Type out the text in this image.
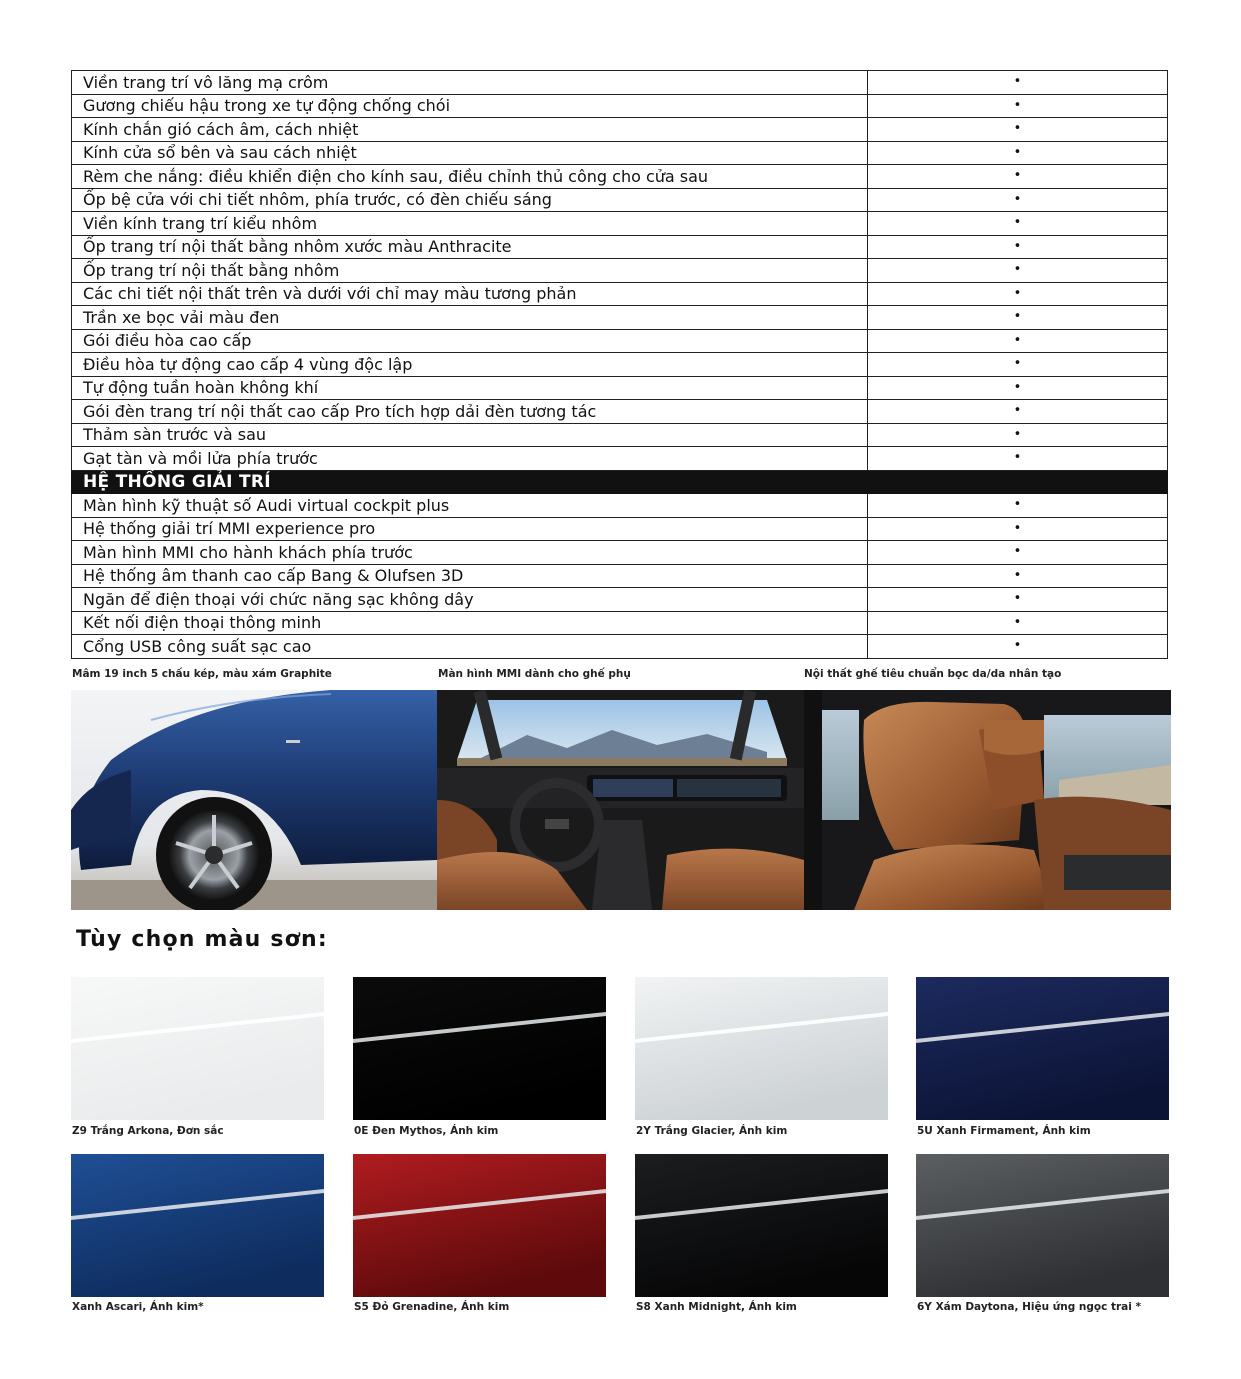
Viền trang trí vô lăng mạ crôm	•
Gương chiếu hậu trong xe tự động chống chói	•
Kính chắn gió cách âm, cách nhiệt	•
Kính cửa sổ bên và sau cách nhiệt	•
Rèm che nắng: điều khiển điện cho kính sau, điều chỉnh thủ công cho cửa sau	•
Ốp bệ cửa với chi tiết nhôm, phía trước, có đèn chiếu sáng	•
Viền kính trang trí kiểu nhôm	•
Ốp trang trí nội thất bằng nhôm xước màu Anthracite	•
Ốp trang trí nội thất bằng nhôm	•
Các chi tiết nội thất trên và dưới với chỉ may màu tương phản	•
Trần xe bọc vải màu đen	•
Gói điều hòa cao cấp	•
Điều hòa tự động cao cấp 4 vùng độc lập	•
Tự động tuần hoàn không khí	•
Gói đèn trang trí nội thất cao cấp Pro tích hợp dải đèn tương tác	•
Thảm sàn trước và sau	•
Gạt tàn và mồi lửa phía trước	•
HỆ THỐNG GIẢI TRÍ	
Màn hình kỹ thuật số Audi virtual cockpit plus	•
Hệ thống giải trí MMI experience pro	•
Màn hình MMI cho hành khách phía trước	•
Hệ thống âm thanh cao cấp Bang & Olufsen 3D	•
Ngăn để điện thoại với chức năng sạc không dây	•
Kết nối điện thoại thông minh	•
Cổng USB công suất sạc cao	•
Mâm 19 inch 5 chấu kép, màu xám Graphite	Màn hình MMI dành cho ghế phụ	Nội thất ghế tiêu chuẩn bọc da/da nhân tạo
Tùy chọn màu sơn:
Z9 Trắng Arkona, Đơn sắc	0E Đen Mythos, Ánh kim	2Y Trắng Glacier, Ánh kim	5U Xanh Firmament, Ánh kim
Xanh Ascari, Ánh kim*	S5 Đỏ Grenadine, Ánh kim	S8 Xanh Midnight, Ánh kim	6Y Xám Daytona, Hiệu ứng ngọc trai *
